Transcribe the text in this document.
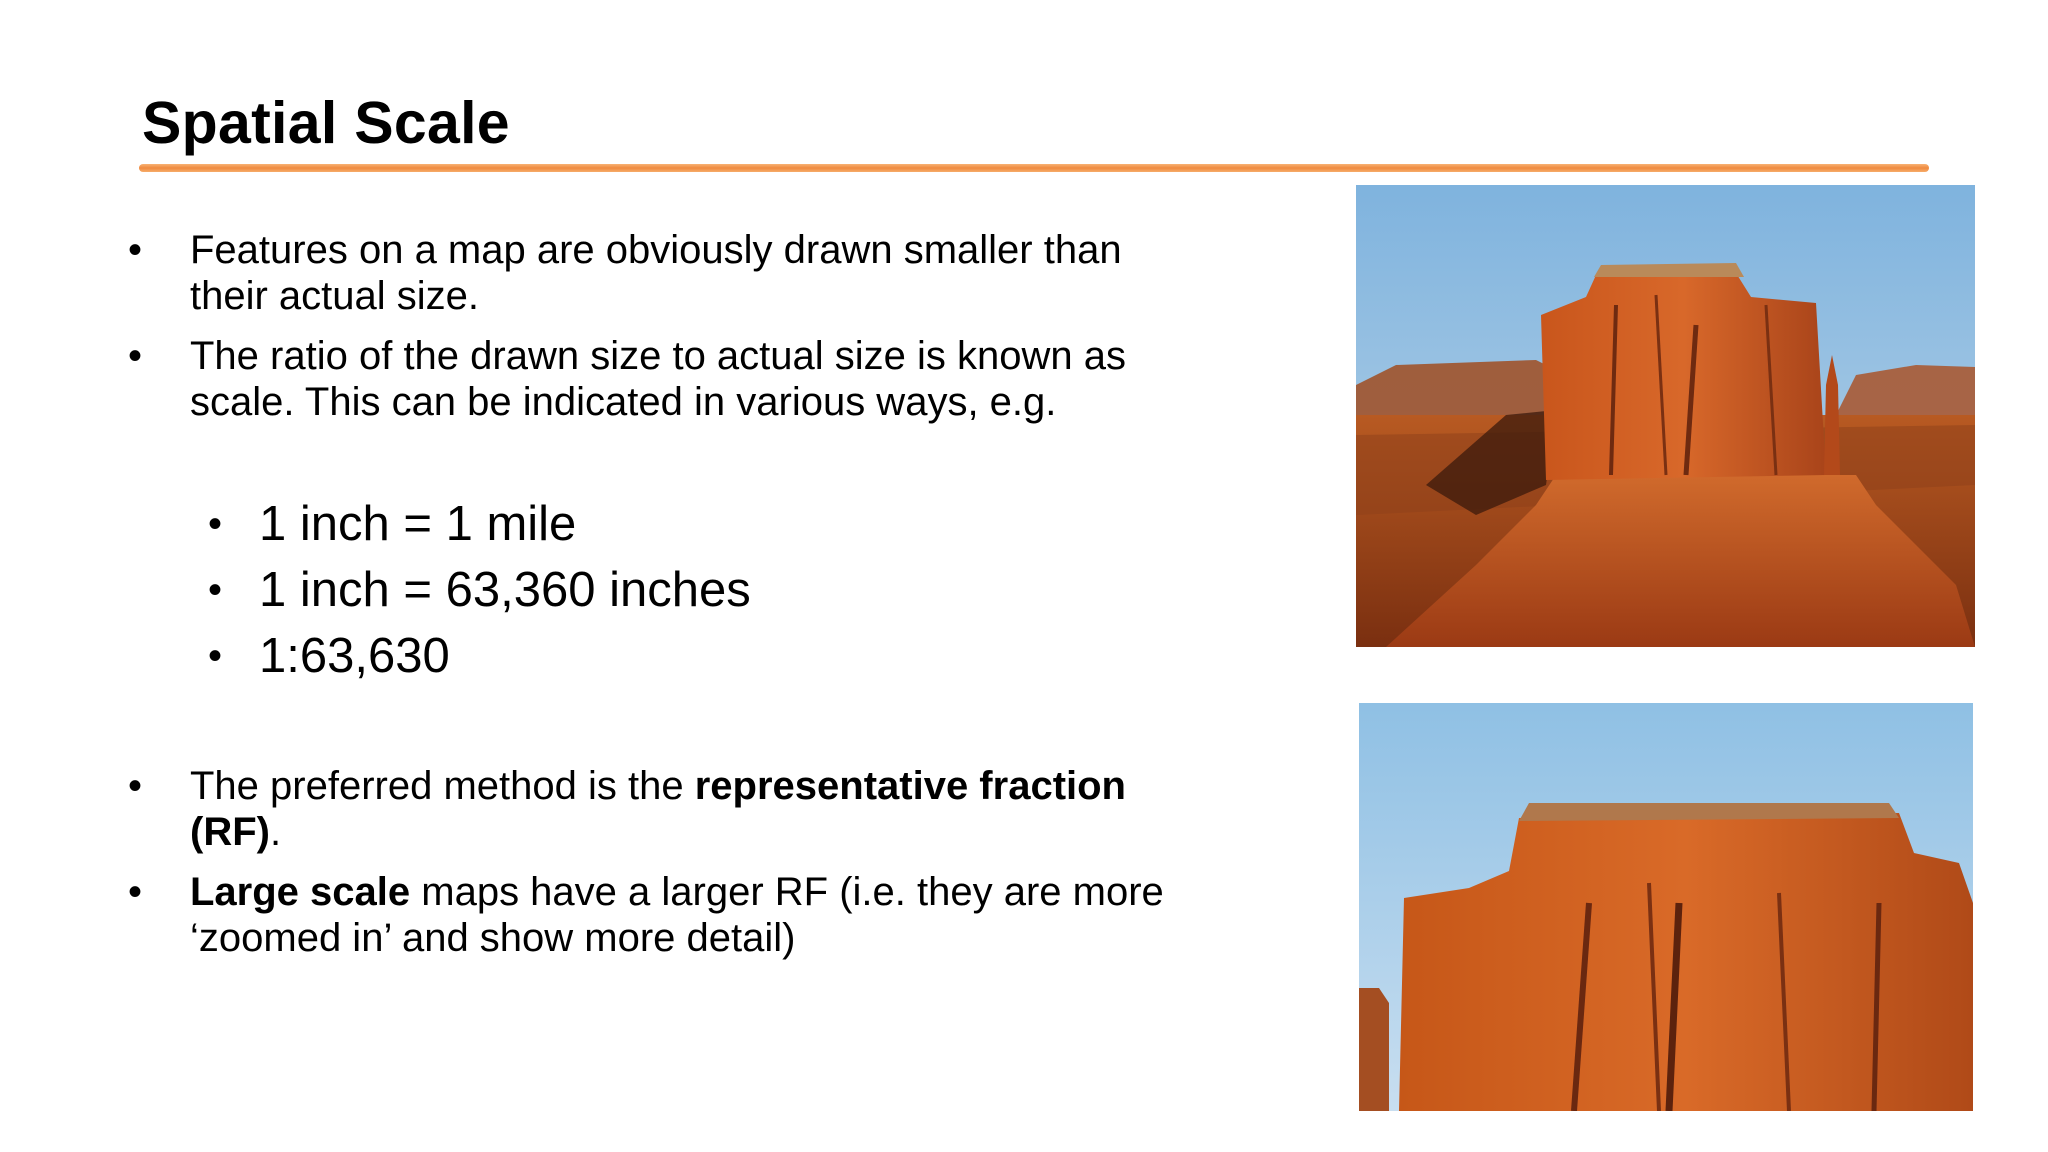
Spatial Scale
•	Features on a map are obviously drawn smaller than
their actual size.
•	The ratio of the drawn size to actual size is known as
scale. This can be indicated in various ways, e.g.
• 1 inch = 1 mile
• 1 inch = 63,360 inches
• 1:63,630
•	The preferred method is the representative fraction
(RF).
•	Large scale maps have a larger RF (i.e. they are more
‘zoomed in’ and show more detail)
